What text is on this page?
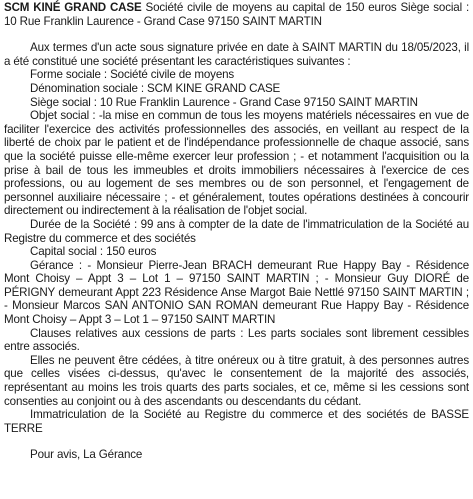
SCM KINÉ GRAND CASE Société civile de moyens au capital de 150 euros Siège social : 10 Rue Franklin Laurence - Grand Case 97150 SAINT MARTIN

Aux termes d'un acte sous signature privée en date à SAINT MARTIN du 18/05/2023, il a été constitué une société présentant les caractéristiques suivantes :

Forme sociale : Société civile de moyens

Dénomination sociale : SCM KINE GRAND CASE

Siège social : 10 Rue Franklin Laurence - Grand Case 97150 SAINT MARTIN

Objet social : -la mise en commun de tous les moyens matériels nécessaires en vue de faciliter l'exercice des activités professionnelles des associés, en veillant au respect de la liberté de choix par le patient et de l'indépendance professionnelle de chaque associé, sans que la société puisse elle-même exercer leur profession ; - et notamment l'acquisition ou la prise à bail de tous les immeubles et droits immobiliers nécessaires à l'exercice de ces professions, ou au logement de ses membres ou de son personnel, et l'engagement de personnel auxiliaire nécessaire ; - et généralement, toutes opérations destinées à concourir directement ou indirectement à la réalisation de l'objet social.

Durée de la Société : 99 ans à compter de la date de l'immatriculation de la Société au Registre du commerce et des sociétés

Capital social : 150 euros

Gérance : - Monsieur Pierre-Jean BRACH demeurant Rue Happy Bay - Résidence Mont Choisy – Appt 3 – Lot 1 – 97150 SAINT MARTIN ; - Monsieur Guy DIORÉ de PÉRIGNY demeurant Appt 223 Résidence Anse Margot Baie Nettlé 97150 SAINT MARTIN ; - Monsieur Marcos SAN ANTONIO SAN ROMAN demeurant Rue Happy Bay - Résidence Mont Choisy – Appt 3 – Lot 1 – 97150 SAINT MARTIN

Clauses relatives aux cessions de parts : Les parts sociales sont librement cessibles entre associés.

Elles ne peuvent être cédées, à titre onéreux ou à titre gratuit, à des personnes autres que celles visées ci-dessus, qu'avec le consentement de la majorité des associés, représentant au moins les trois quarts des parts sociales, et ce, même si les cessions sont consenties au conjoint ou à des ascendants ou descendants du cédant.

Immatriculation de la Société au Registre du commerce et des sociétés de BASSE TERRE

Pour avis, La Gérance
